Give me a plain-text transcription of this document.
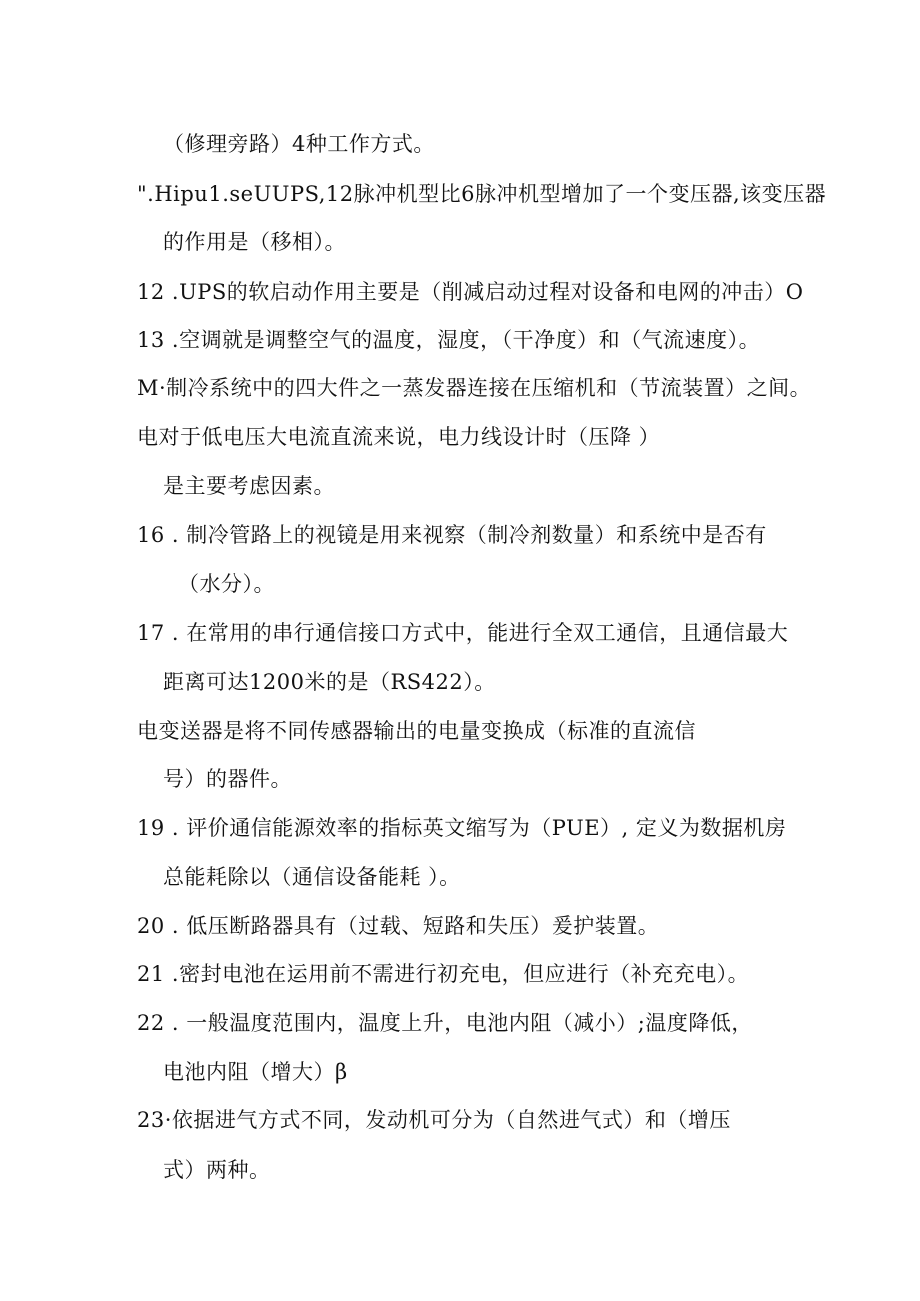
（修理旁路）4种工作方式。
".Hipu1.seUUPS,12脉冲机型比6脉冲机型增加了一个变压器,该变压器
的作用是（移相）。
12 .UPS的软启动作用主要是（削减启动过程对设备和电网的冲击）O
13 .空调就是调整空气的温度，湿度，（干净度）和（气流速度）。
M·制冷系统中的四大件之一蒸发器连接在压缩机和（节流装置）之间。
电对于低电压大电流直流来说，电力线设计时（压降 ）
是主要考虑因素。
16 . 制冷管路上的视镜是用来视察（制冷剂数量）和系统中是否有
（水分）。
17 . 在常用的串行通信接口方式中，能进行全双工通信，且通信最大
距离可达1200米的是（RS422）。
电变送器是将不同传感器输出的电量变换成（标准的直流信
号）的器件。
19 . 评价通信能源效率的指标英文缩写为（PUE）, 定义为数据机房
总能耗除以（通信设备能耗 ）。
20 . 低压断路器具有（过载、短路和失压）爰护装置。
21 .密封电池在运用前不需进行初充电，但应进行（补充充电）。
22 . 一般温度范围内，温度上升，电池内阻（减小）;温度降低，
电池内阻（增大）β
23·依据进气方式不同，发动机可分为（自然进气式）和（增压
式）两种。
